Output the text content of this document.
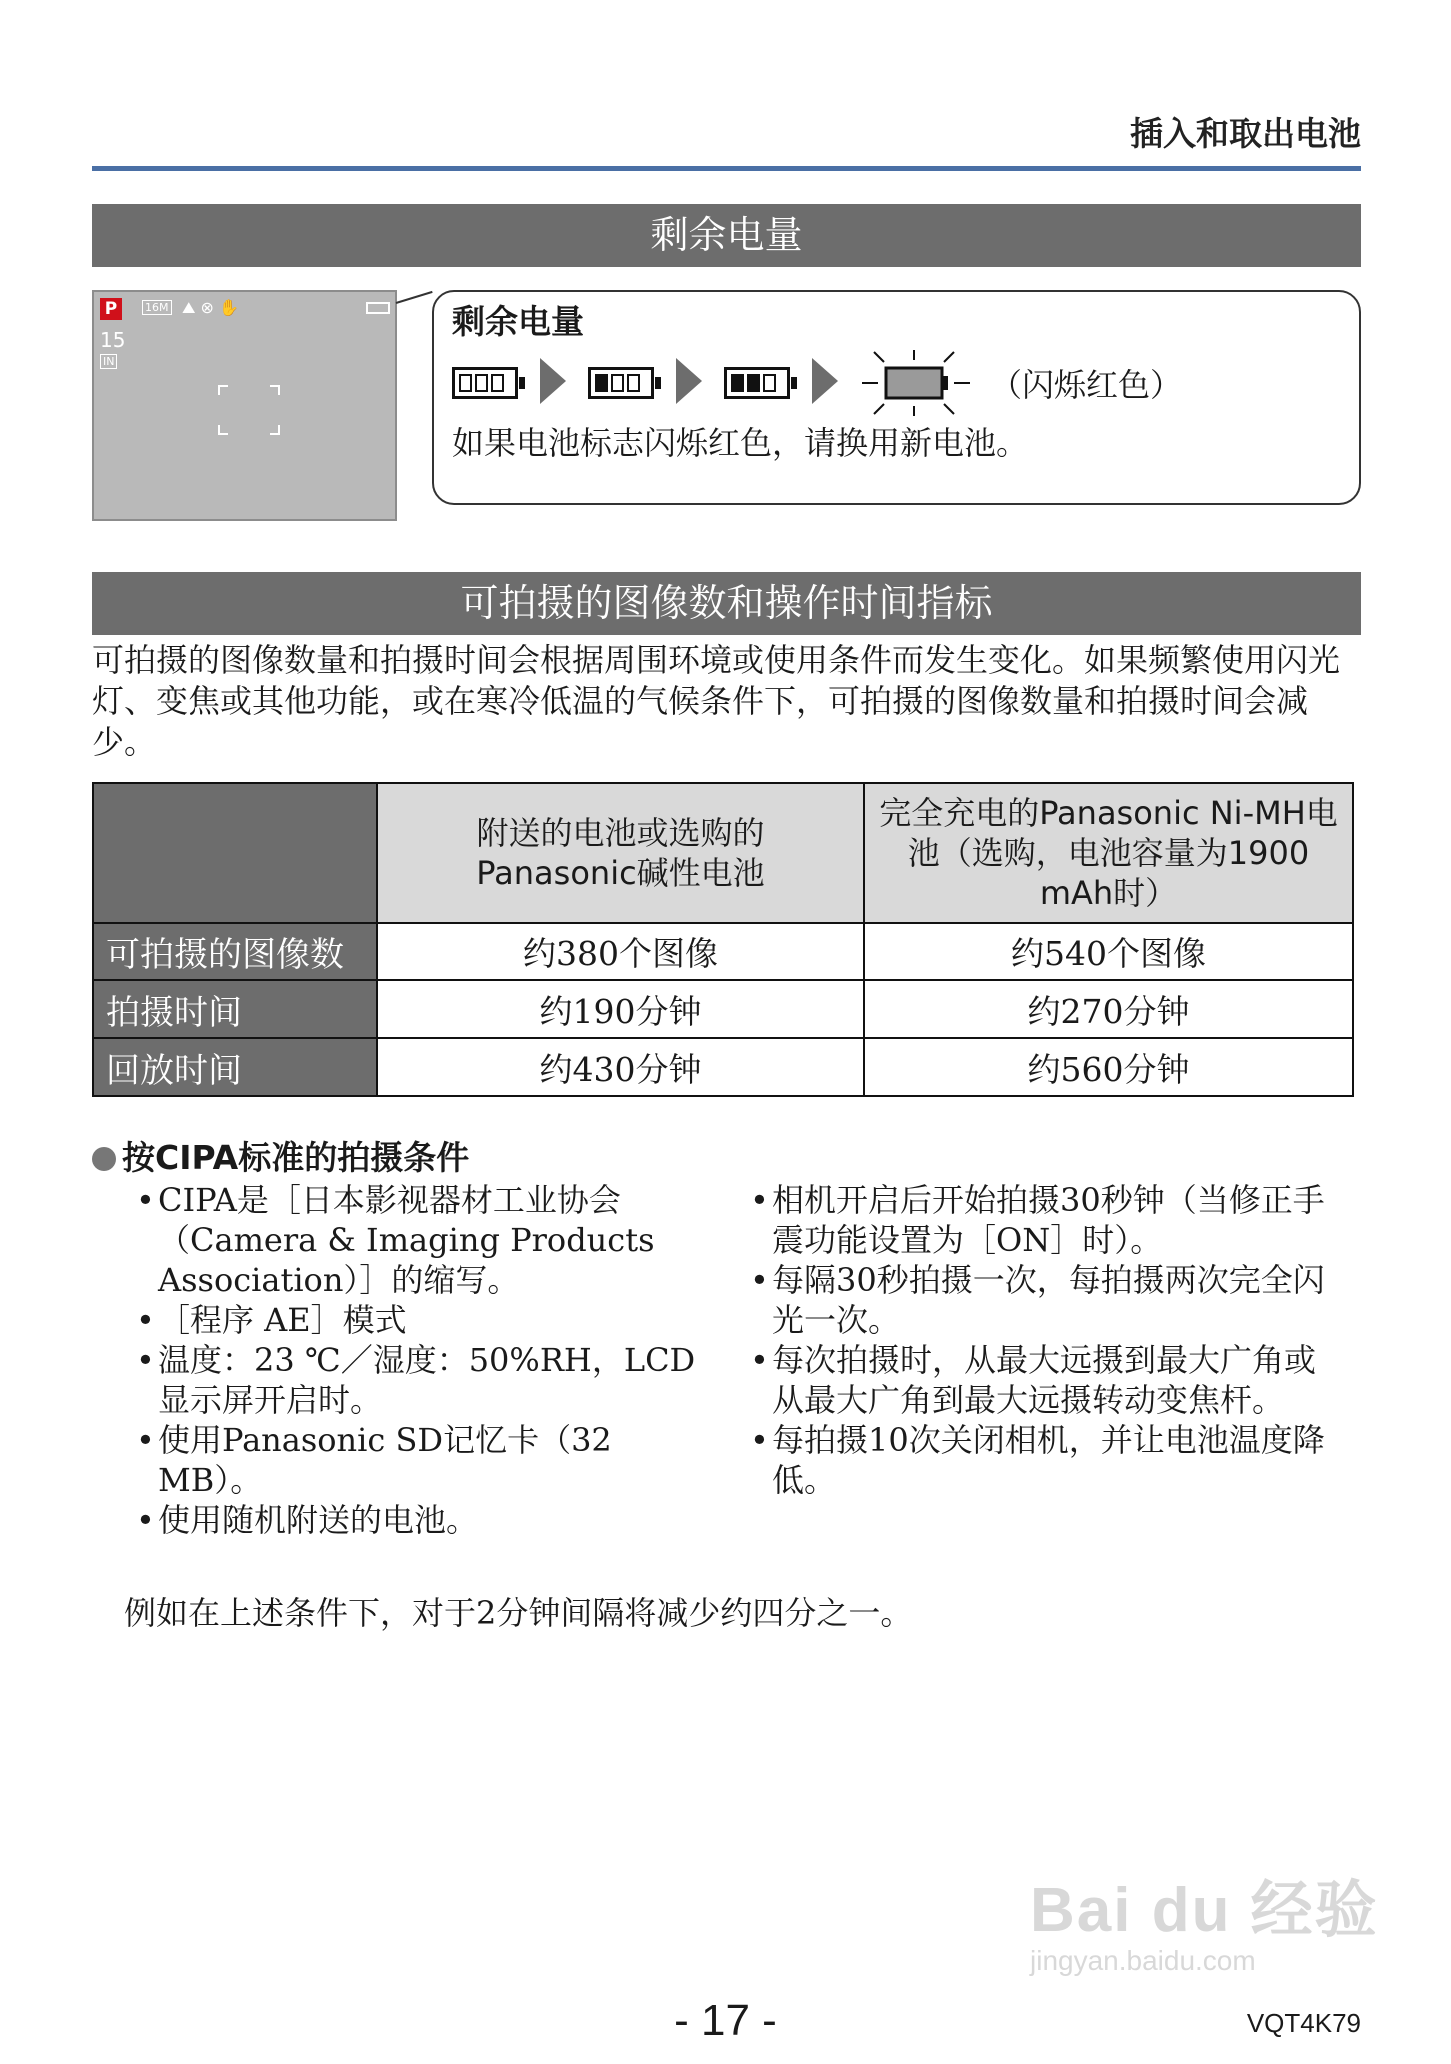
插入和取出电池
剩余电量
P	16M ⛰ ⊗ ✋
15
IN
剩余电量
（闪烁红色）
如果电池标志闪烁红色，请换用新电池。
可拍摄的图像数和操作时间指标
可拍摄的图像数量和拍摄时间会根据周围环境或使用条件而发生变化。如果频繁使用闪光灯、变焦或其他功能，或在寒冷低温的气候条件下，可拍摄的图像数量和拍摄时间会减少。

	附送的电池或选购的Panasonic碱性电池	完全充电的Panasonic Ni-MH电池（选购，电池容量为1900 mAh时）

可拍摄的图像数	约380个图像	约540个图像
拍摄时间	约190分钟	约270分钟
回放时间	约430分钟	约560分钟
按CIPA标准的拍摄条件
• CIPA是［日本影视器材工业协会（Camera & Imaging Products Association）］的缩写。
• ［程序 AE］模式
• 温度：23 ℃／湿度：50%RH，LCD显示屏开启时。
• 使用Panasonic SD记忆卡（32 MB）。
• 使用随机附送的电池。
• 相机开启后开始拍摄30秒钟（当修正手震功能设置为［ON］时）。
• 每隔30秒拍摄一次，每拍摄两次完全闪光一次。
• 每次拍摄时，从最大远摄到最大广角或从最大广角到最大远摄转动变焦杆。
• 每拍摄10次关闭相机，并让电池温度降低。
例如在上述条件下，对于2分钟间隔将减少约四分之一。
Bai du 经验
jingyan.baidu.com
- 17 -	VQT4K79
